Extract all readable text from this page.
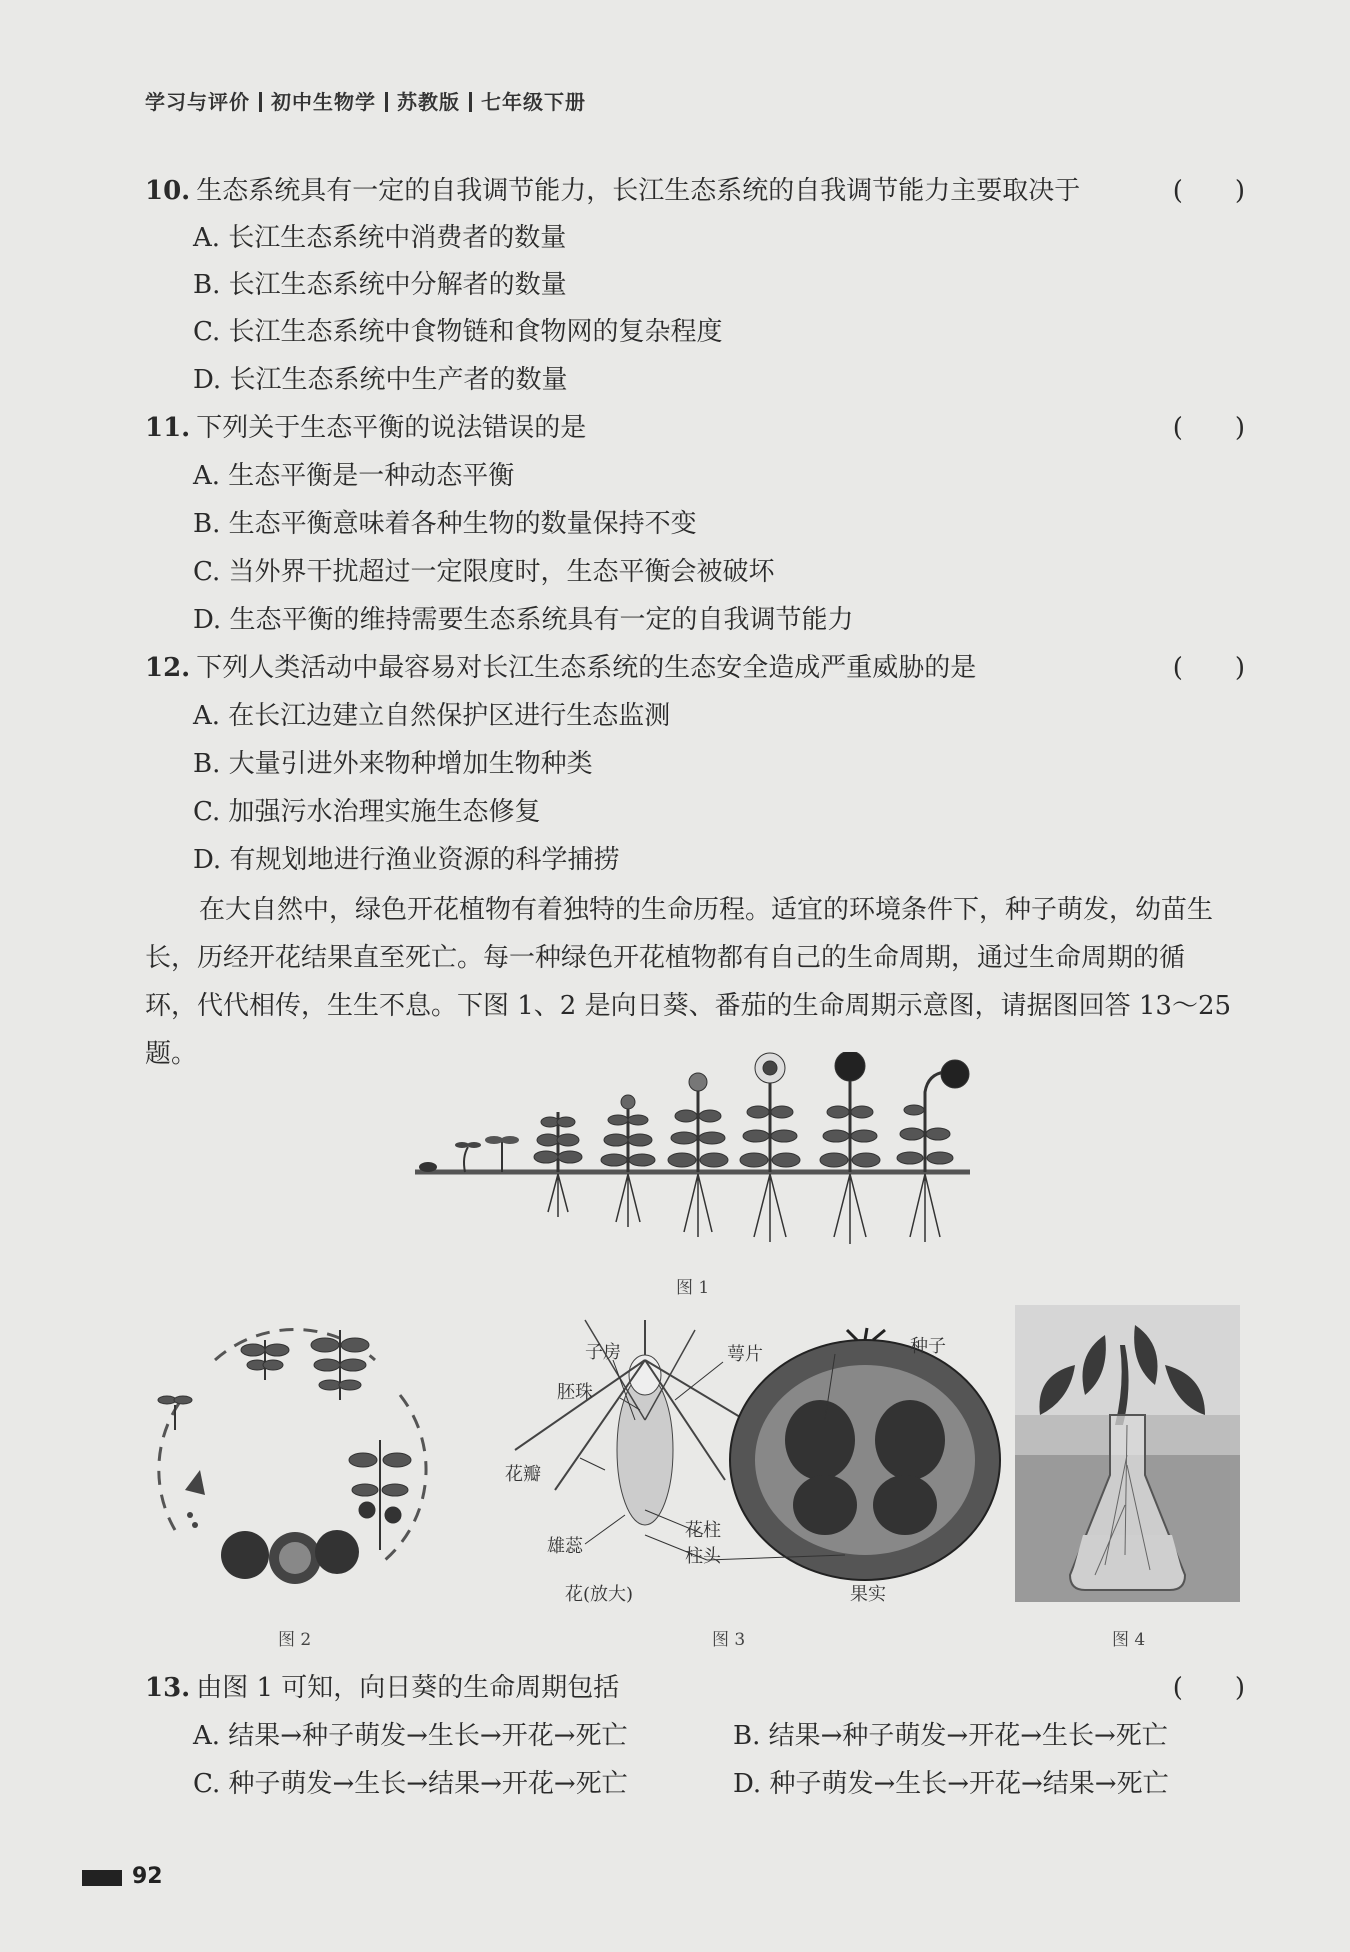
学习与评价 初中生物学 苏教版 七年级下册
10. 生态系统具有一定的自我调节能力，长江生态系统的自我调节能力主要取决于	(　　)
A. 长江生态系统中消费者的数量
B. 长江生态系统中分解者的数量
C. 长江生态系统中食物链和食物网的复杂程度
D. 长江生态系统中生产者的数量
11. 下列关于生态平衡的说法错误的是	(　　)
A. 生态平衡是一种动态平衡
B. 生态平衡意味着各种生物的数量保持不变
C. 当外界干扰超过一定限度时，生态平衡会被破坏
D. 生态平衡的维持需要生态系统具有一定的自我调节能力
12. 下列人类活动中最容易对长江生态系统的生态安全造成严重威胁的是	(　　)
A. 在长江边建立自然保护区进行生态监测
B. 大量引进外来物种增加生物种类
C. 加强污水治理实施生态修复
D. 有规划地进行渔业资源的科学捕捞

在大自然中，绿色开花植物有着独特的生命历程。适宜的环境条件下，种子萌发，幼苗生

长，历经开花结果直至死亡。每一种绿色开花植物都有自己的生命周期，通过生命周期的循

环，代代相传，生生不息。下图 1、2 是向日葵、番茄的生命周期示意图，请据图回答 13～25 题。

图 1
图 2
子房	萼片	种子
胚珠
花瓣
雄蕊
花柱
柱头
花(放大)	果实
图 3	图 4
13. 由图 1 可知，向日葵的生命周期包括	(　　)
A. 结果→种子萌发→生长→开花→死亡	B. 结果→种子萌发→开花→生长→死亡
C. 种子萌发→生长→结果→开花→死亡	D. 种子萌发→生长→开花→结果→死亡
92
